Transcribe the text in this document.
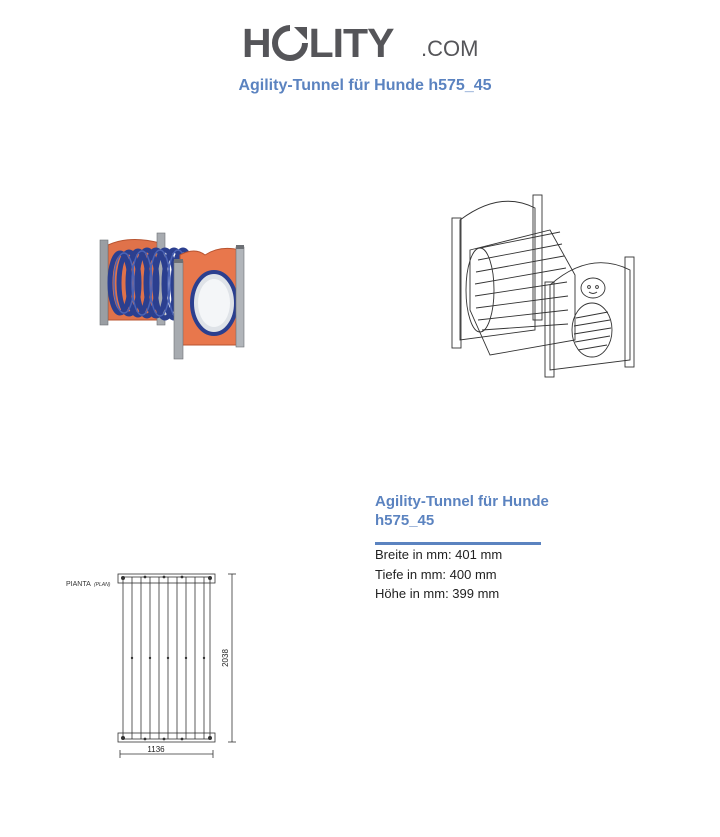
H LITY .COM
Agility-Tunnel für Hunde h575_45
PIANTA (PLAN)
1136
2038
Agility-Tunnel für Hunde h575_45
Breite in mm: 401 mm
Tiefe in mm: 400 mm
Höhe in mm: 399 mm
